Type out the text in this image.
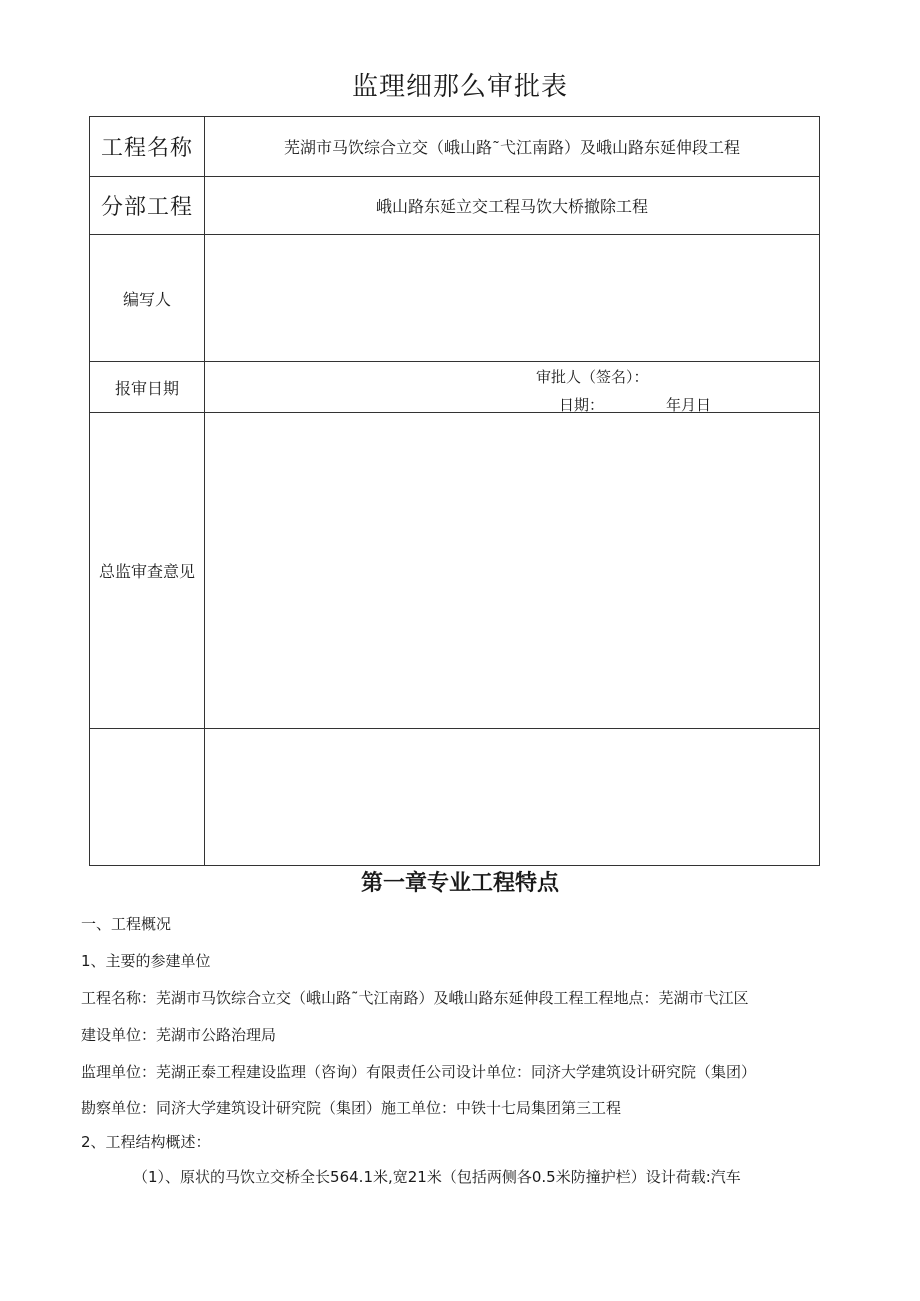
监理细那么审批表
工程名称	芜湖市马饮综合立交（峨山路˜弋江南路）及峨山路东延伸段工程
分部工程	峨山路东延立交工程马饮大桥撤除工程
编写人	
报审日期	审批人（签名）：
日期： 年月日

总监审查意见	

第一章专业工程特点

一、工程概况

1、主要的参建单位

工程名称：芜湖市马饮综合立交（峨山路˜弋江南路）及峨山路东延伸段工程工程地点：芜湖市弋江区

建设单位：芜湖市公路治理局

监理单位：芜湖正泰工程建设监理（咨询）有限责任公司设计单位：同济大学建筑设计研究院（集团）

勘察单位：同济大学建筑设计研究院（集团）施工单位：中铁十七局集团第三工程

2、工程结构概述：

（1）、原状的马饮立交桥全长564.1米,宽21米（包括两侧各0.5米防撞护栏）设计荷载:汽车
